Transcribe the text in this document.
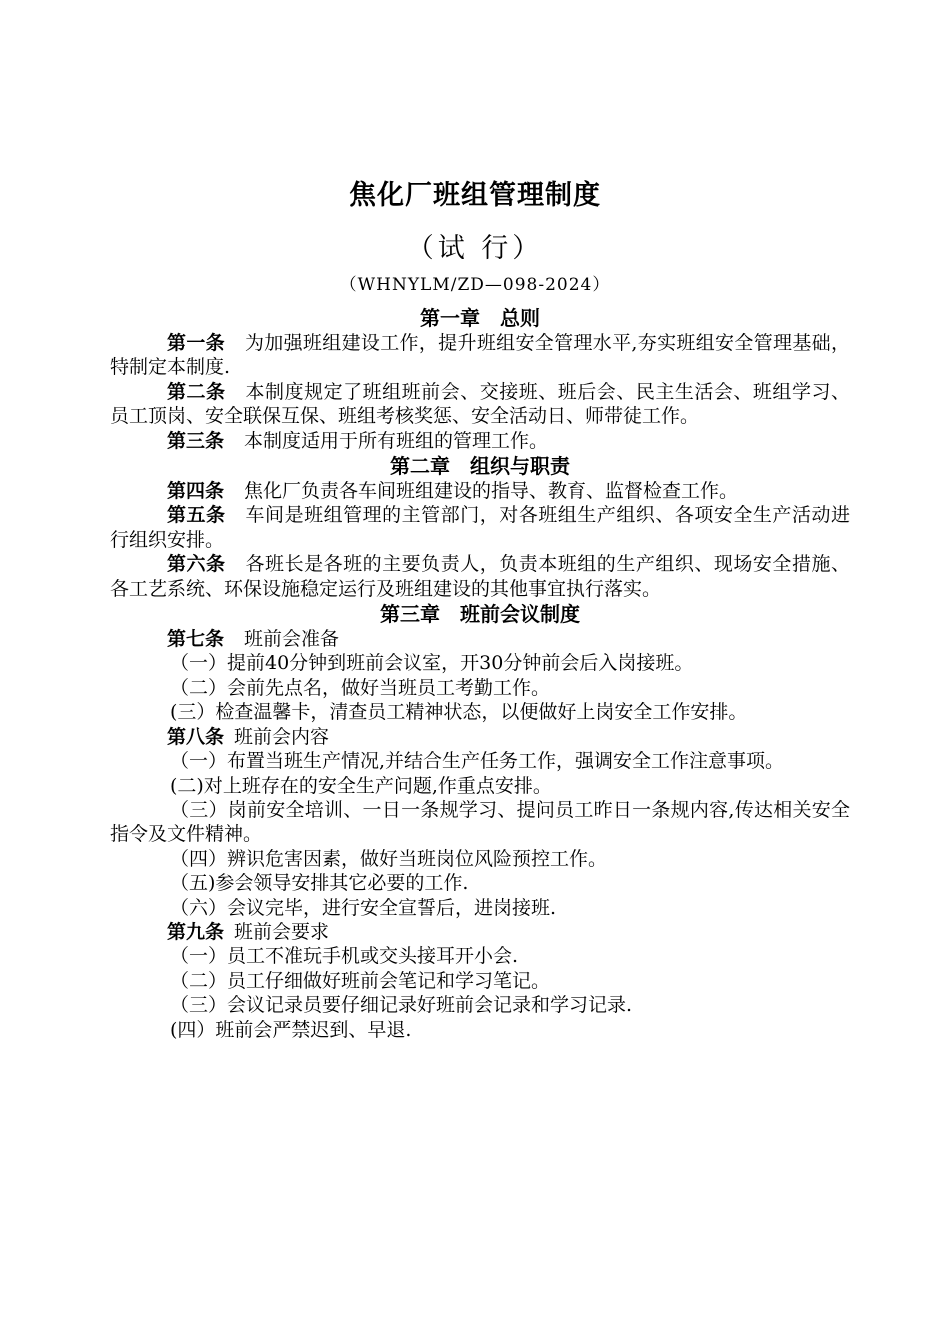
焦化厂班组管理制度
（试 行）
（WHNYLM/ZD—098-2024）

第一章　总则

第一条 为加强班组建设工作，提升班组安全管理水平,夯实班组安全管理基础，特制定本制度.

第二条 本制度规定了班组班前会、交接班、班后会、民主生活会、班组学习、员工顶岗、安全联保互保、班组考核奖惩、安全活动日、师带徒工作。

第三条 本制度适用于所有班组的管理工作。

第二章　组织与职责

第四条 焦化厂负责各车间班组建设的指导、教育、监督检查工作。

第五条 车间是班组管理的主管部门，对各班组生产组织、各项安全生产活动进行组织安排。

第六条 各班长是各班的主要负责人，负责本班组的生产组织、现场安全措施、各工艺系统、环保设施稳定运行及班组建设的其他事宜执行落实。

第三章　班前会议制度

第七条 班前会准备

（一）提前40分钟到班前会议室，开30分钟前会后入岗接班。

（二）会前先点名，做好当班员工考勤工作。

(三）检查温馨卡，清查员工精神状态，以便做好上岗安全工作安排。

第八条 班前会内容

（一）布置当班生产情况,并结合生产任务工作，强调安全工作注意事项。

(二)对上班存在的安全生产问题,作重点安排。

（三）岗前安全培训、一日一条规学习、提问员工昨日一条规内容,传达相关安全指令及文件精神。

（四）辨识危害因素，做好当班岗位风险预控工作。

（五)参会领导安排其它必要的工作.

（六）会议完毕，进行安全宣誓后，进岗接班.

第九条 班前会要求

（一）员工不准玩手机或交头接耳开小会.

（二）员工仔细做好班前会笔记和学习笔记。

（三）会议记录员要仔细记录好班前会记录和学习记录.

(四）班前会严禁迟到、早退.
